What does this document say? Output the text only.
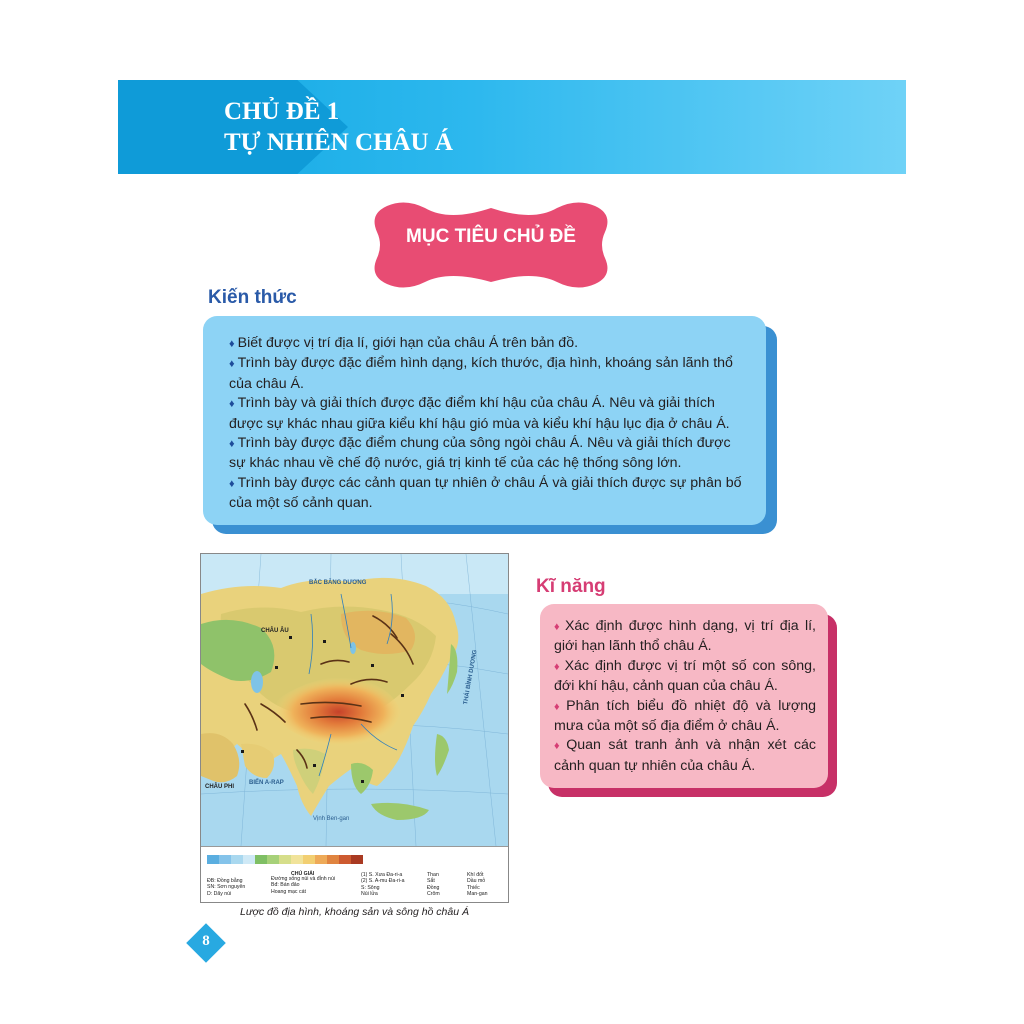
CHỦ ĐỀ 1
TỰ NHIÊN CHÂU Á
MỤC TIÊU CHỦ ĐỀ
Kiến thức
♦ Biết được vị trí địa lí, giới hạn của châu Á trên bản đồ.
♦ Trình bày được đặc điểm hình dạng, kích thước, địa hình, khoáng sản lãnh thổ của châu Á.
♦ Trình bày và giải thích được đặc điểm khí hậu của châu Á. Nêu và giải thích được sự khác nhau giữa kiểu khí hậu gió mùa và kiểu khí hậu lục địa ở châu Á.
♦ Trình bày được đặc điểm chung của sông ngòi châu Á. Nêu và giải thích được sự khác nhau về chế độ nước, giá trị kinh tế của các hệ thống sông lớn.
♦ Trình bày được các cảnh quan tự nhiên ở châu Á và giải thích được sự phân bố của một số cảnh quan.
BẮC BĂNG DƯƠNG
CHÂU ÂU
THÁI BÌNH DƯƠNG
BIỂN A-RAP
CHÂU PHI
Vịnh Ben-gan
CHÚ GIẢI
ĐB: Đồng bằng
SN: Sơn nguyên
D: Dãy núi
Đường sống núi và đỉnh núi
Bđ: Bán đảo
Hoang mạc cát
(1) S. Xưa Đa-ri-a
(2) S. A-mu Đa-ri-a
S: Sông
Núi lửa
Than
Sắt
Đồng
Crôm
Khí đốt
Dầu mỏ
Thiếc
Man-gan
Lược đồ địa hình, khoáng sản và sông hồ châu Á
Kĩ năng
♦ Xác định được hình dạng, vị trí địa lí, giới hạn lãnh thổ châu Á.
♦ Xác định được vị trí một số con sông, đới khí hậu, cảnh quan của châu Á.
♦ Phân tích biểu đồ nhiệt độ và lượng mưa của một số địa điểm ở châu Á.
♦ Quan sát tranh ảnh và nhận xét các cảnh quan tự nhiên của châu Á.
8
